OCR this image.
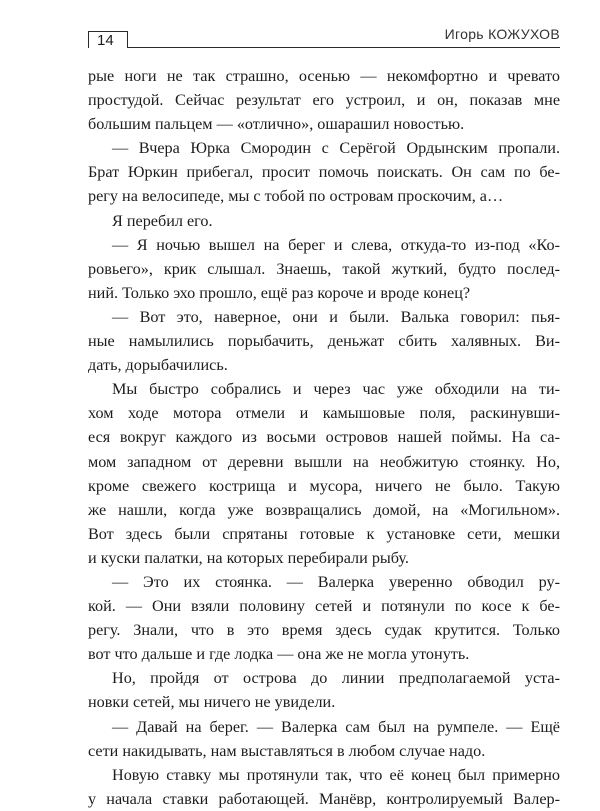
14	Игорь КОЖУХОВ

рые ноги не так страшно, осенью — некомфортно и чревато
простудой. Сейчас результат его устроил, и он, показав мне
большим пальцем — «отлично», ошарашил новостью.

— Вчера Юрка Смородин с Серёгой Ордынским пропали.
Брат Юркин прибегал, просит помочь поискать. Он сам по бе-
регу на велосипеде, мы с тобой по островам проскочим, а…

Я перебил его.

— Я ночью вышел на берег и слева, откуда-то из-под «Ко-
ровьего», крик слышал. Знаешь, такой жуткий, будто послед-
ний. Только эхо прошло, ещё раз короче и вроде конец?

— Вот это, наверное, они и были. Валька говорил: пья-
ные намылились порыбачить, деньжат сбить халявных. Ви-
дать, дорыбачились.

Мы быстро собрались и через час уже обходили на ти-
хом ходе мотора отмели и камышовые поля, раскинувши-
еся вокруг каждого из восьми островов нашей поймы. На са-
мом западном от деревни вышли на необжитую стоянку. Но,
кроме свежего кострища и мусора, ничего не было. Такую
же нашли, когда уже возвращались домой, на «Могильном».
Вот здесь были спрятаны готовые к установке сети, мешки
и куски палатки, на которых перебирали рыбу.

— Это их стоянка. — Валерка уверенно обводил ру-
кой. — Они взяли половину сетей и потянули по косе к бе-
регу. Знали, что в это время здесь судак крутится. Только
вот что дальше и где лодка — она же не могла утонуть.

Но, пройдя от острова до линии предполагаемой уста-
новки сетей, мы ничего не увидели.

— Давай на берег. — Валерка сам был на румпеле. — Ещё
сети накидывать, нам выставляться в любом случае надо.

Новую ставку мы протянули так, что её конец был примерно
у начала ставки работающей. Манёвр, контролируемый Валер-
